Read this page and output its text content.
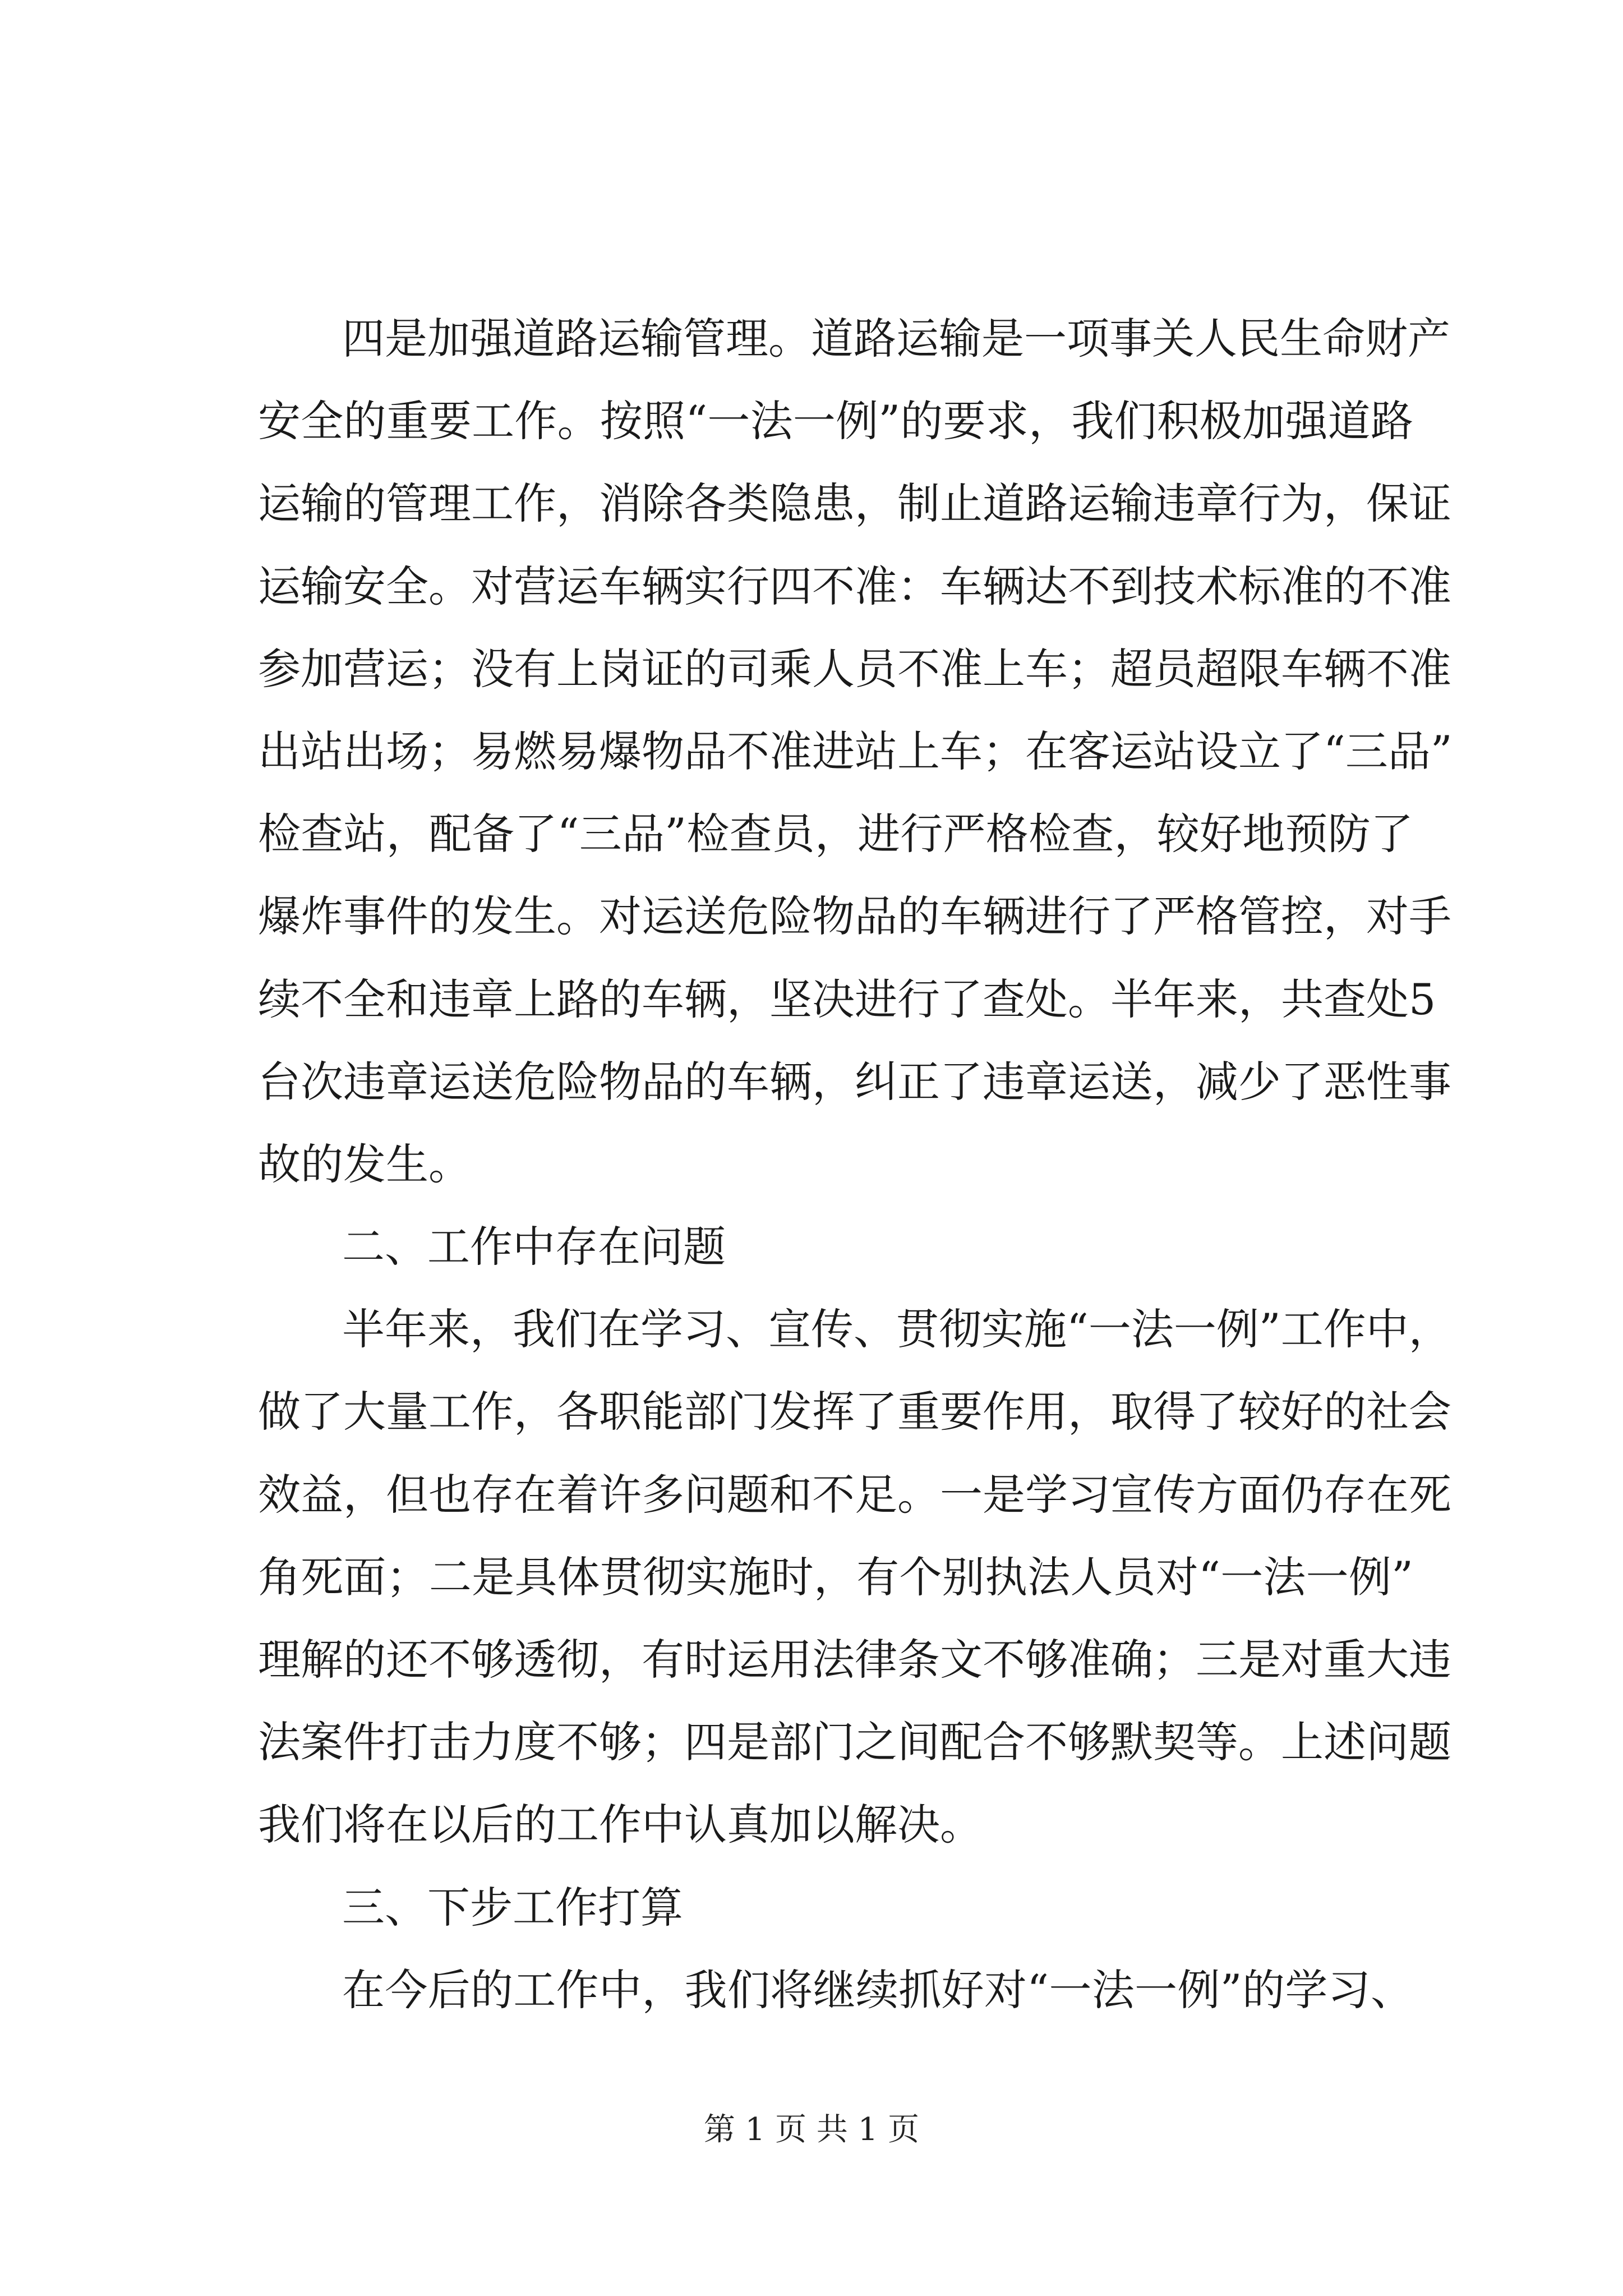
四是加强道路运输管理。道路运输是一项事关人民生命财产
安全的重要工作。按照“一法一例”的要求，我们积极加强道路
运输的管理工作，消除各类隐患，制止道路运输违章行为，保证
运输安全。对营运车辆实行四不准：车辆达不到技术标准的不准
参加营运；没有上岗证的司乘人员不准上车；超员超限车辆不准
出站出场；易燃易爆物品不准进站上车；在客运站设立了“三品”
检查站，配备了“三品”检查员，进行严格检查，较好地预防了
爆炸事件的发生。对运送危险物品的车辆进行了严格管控，对手
续不全和违章上路的车辆，坚决进行了查处。半年来，共查处5
台次违章运送危险物品的车辆，纠正了违章运送，减少了恶性事
故的发生。
二、工作中存在问题
半年来，我们在学习、宣传、贯彻实施“一法一例”工作中，
做了大量工作，各职能部门发挥了重要作用，取得了较好的社会
效益，但也存在着许多问题和不足。一是学习宣传方面仍存在死
角死面；二是具体贯彻实施时，有个别执法人员对“一法一例”
理解的还不够透彻，有时运用法律条文不够准确；三是对重大违
法案件打击力度不够；四是部门之间配合不够默契等。上述问题
我们将在以后的工作中认真加以解决。
三、下步工作打算
在今后的工作中，我们将继续抓好对“一法一例”的学习、
第 1 页 共 1 页
